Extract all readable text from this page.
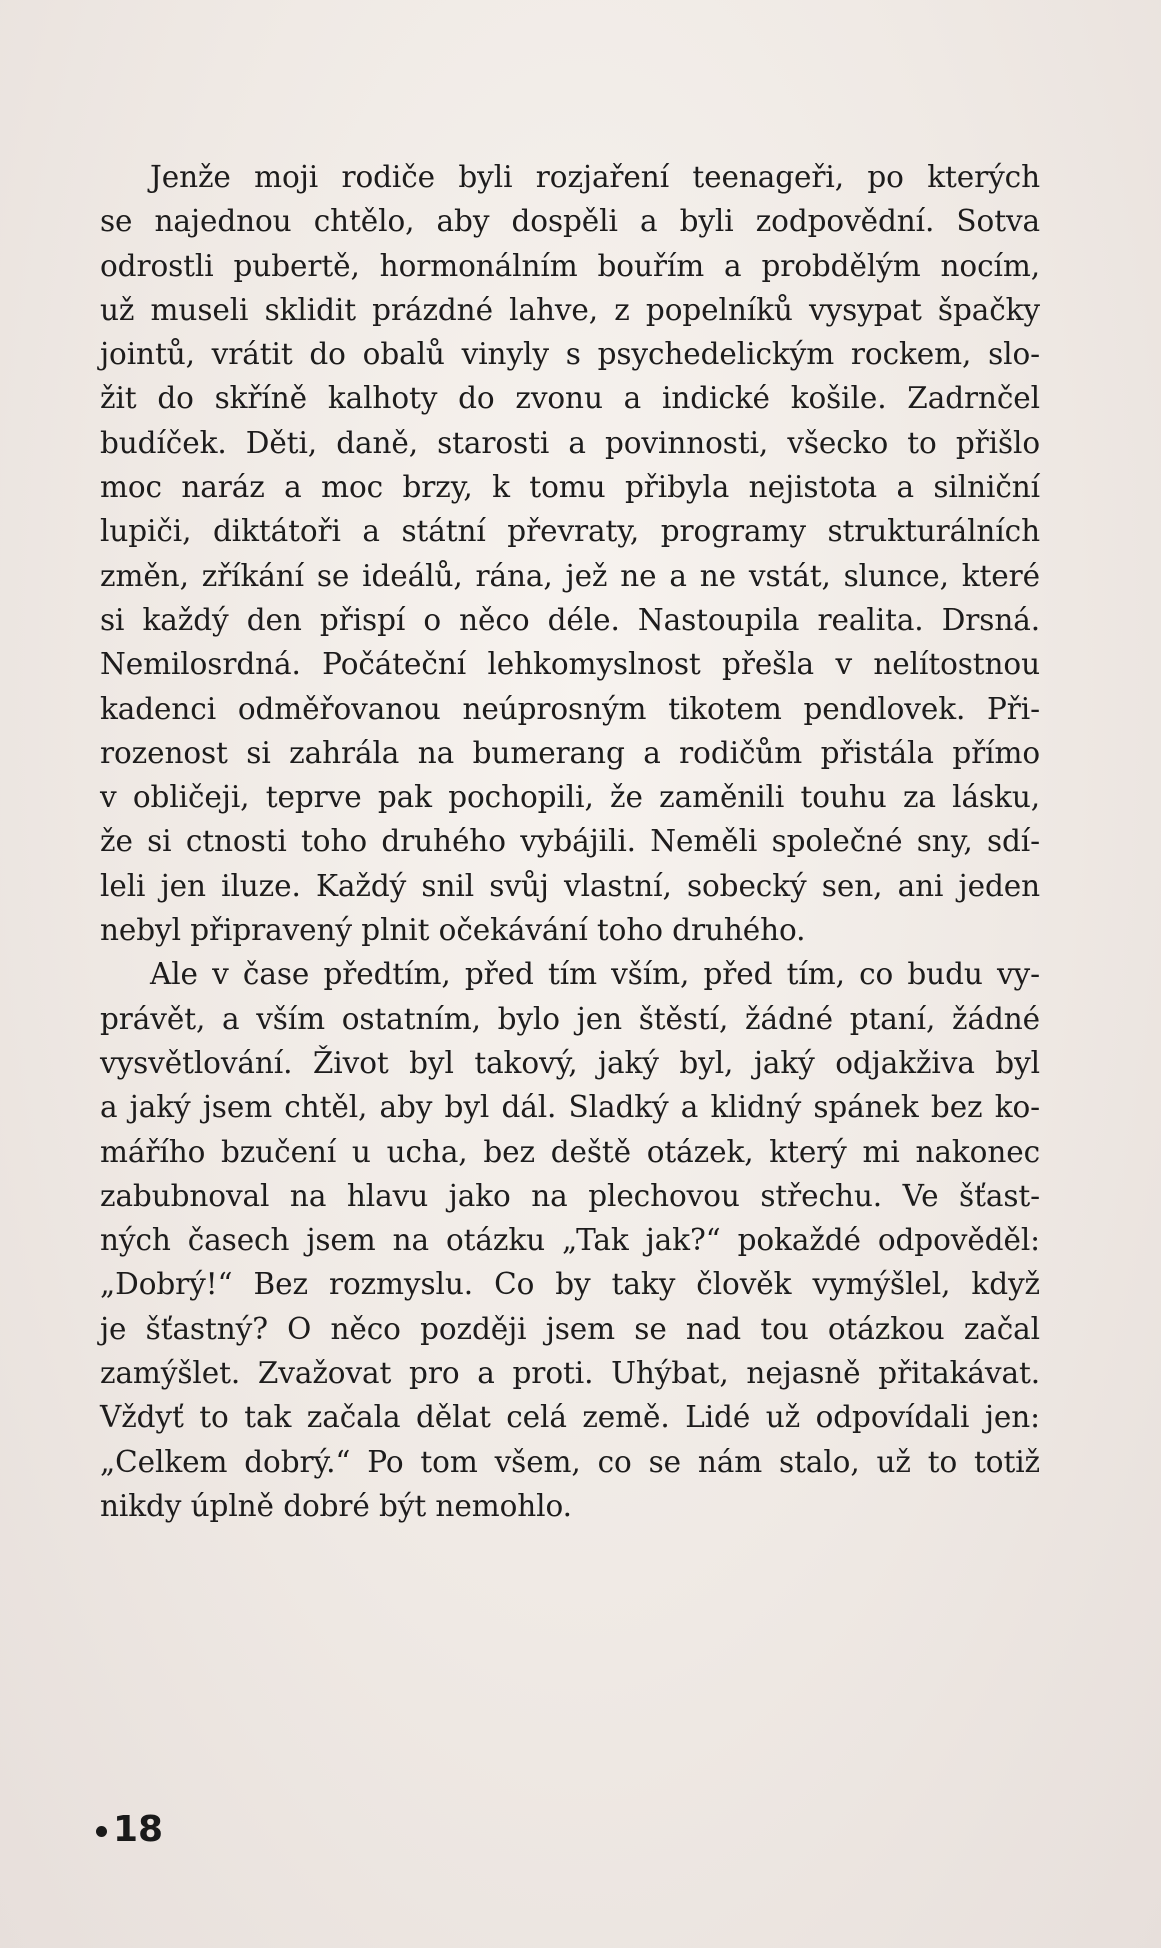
Jenže moji rodiče byli rozjaření teenageři, po kterých
se najednou chtělo, aby dospěli a byli zodpovědní. Sotva
odrostli pubertě, hormonálním bouřím a probdělým nocím,
už museli sklidit prázdné lahve, z popelníků vysypat špačky
jointů, vrátit do obalů vinyly s psychedelickým rockem, slo-
žit do skříně kalhoty do zvonu a indické košile. Zadrnčel
budíček. Děti, daně, starosti a povinnosti, všecko to přišlo
moc naráz a moc brzy, k tomu přibyla nejistota a silniční
lupiči, diktátoři a státní převraty, programy strukturálních
změn, zříkání se ideálů, rána, jež ne a ne vstát, slunce, které
si každý den přispí o něco déle. Nastoupila realita. Drsná.
Nemilosrdná. Počáteční lehkomyslnost přešla v nelítostnou
kadenci odměřovanou neúprosným tikotem pendlovek. Při-
rozenost si zahrála na bumerang a rodičům přistála přímo
v obličeji, teprve pak pochopili, že zaměnili touhu za lásku,
že si ctnosti toho druhého vybájili. Neměli společné sny, sdí-
leli jen iluze. Každý snil svůj vlastní, sobecký sen, ani jeden
nebyl připravený plnit očekávání toho druhého.
Ale v čase předtím, před tím vším, před tím, co budu vy-
právět, a vším ostatním, bylo jen štěstí, žádné ptaní, žádné
vysvětlování. Život byl takový, jaký byl, jaký odjakživa byl
a jaký jsem chtěl, aby byl dál. Sladký a klidný spánek bez ko-
mářího bzučení u ucha, bez deště otázek, který mi nakonec
zabubnoval na hlavu jako na plechovou střechu. Ve šťast-
ných časech jsem na otázku „Tak jak?“ pokaždé odpověděl:
„Dobrý!“ Bez rozmyslu. Co by taky člověk vymýšlel, když
je šťastný? O něco později jsem se nad tou otázkou začal
zamýšlet. Zvažovat pro a proti. Uhýbat, nejasně přitakávat.
Vždyť to tak začala dělat celá země. Lidé už odpovídali jen:
„Celkem dobrý.“ Po tom všem, co se nám stalo, už to totiž
nikdy úplně dobré být nemohlo.
18
